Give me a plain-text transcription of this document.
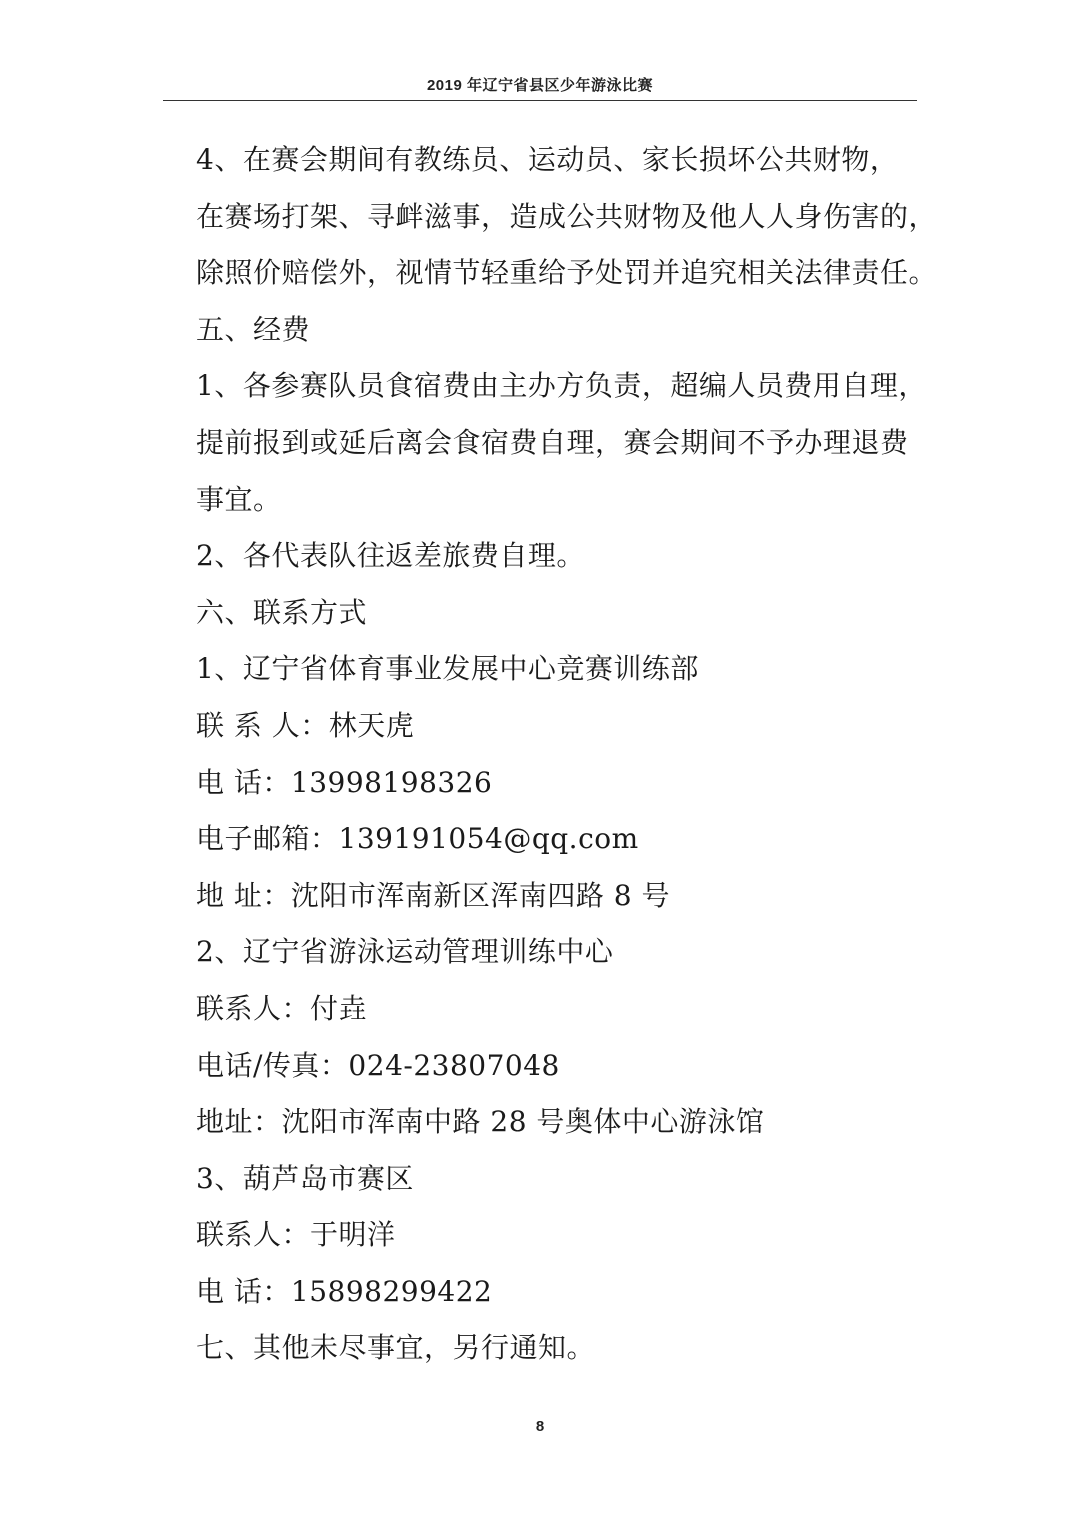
2019 年辽宁省县区少年游泳比赛
4、在赛会期间有教练员、运动员、家长损坏公共财物，
在赛场打架、寻衅滋事，造成公共财物及他人人身伤害的，
除照价赔偿外，视情节轻重给予处罚并追究相关法律责任。
五、经费
1、各参赛队员食宿费由主办方负责，超编人员费用自理，
提前报到或延后离会食宿费自理，赛会期间不予办理退费
事宜。
2、各代表队往返差旅费自理。
六、联系方式
1、辽宁省体育事业发展中心竞赛训练部
联 系 人：林天虎
电 话：13998198326
电子邮箱：139191054@qq.com
地 址：沈阳市浑南新区浑南四路 8 号
2、辽宁省游泳运动管理训练中心
联系人：付垚
电话/传真：024-23807048
地址：沈阳市浑南中路 28 号奥体中心游泳馆
3、葫芦岛市赛区
联系人：于明洋
电 话：15898299422
七、其他未尽事宜，另行通知。
8
